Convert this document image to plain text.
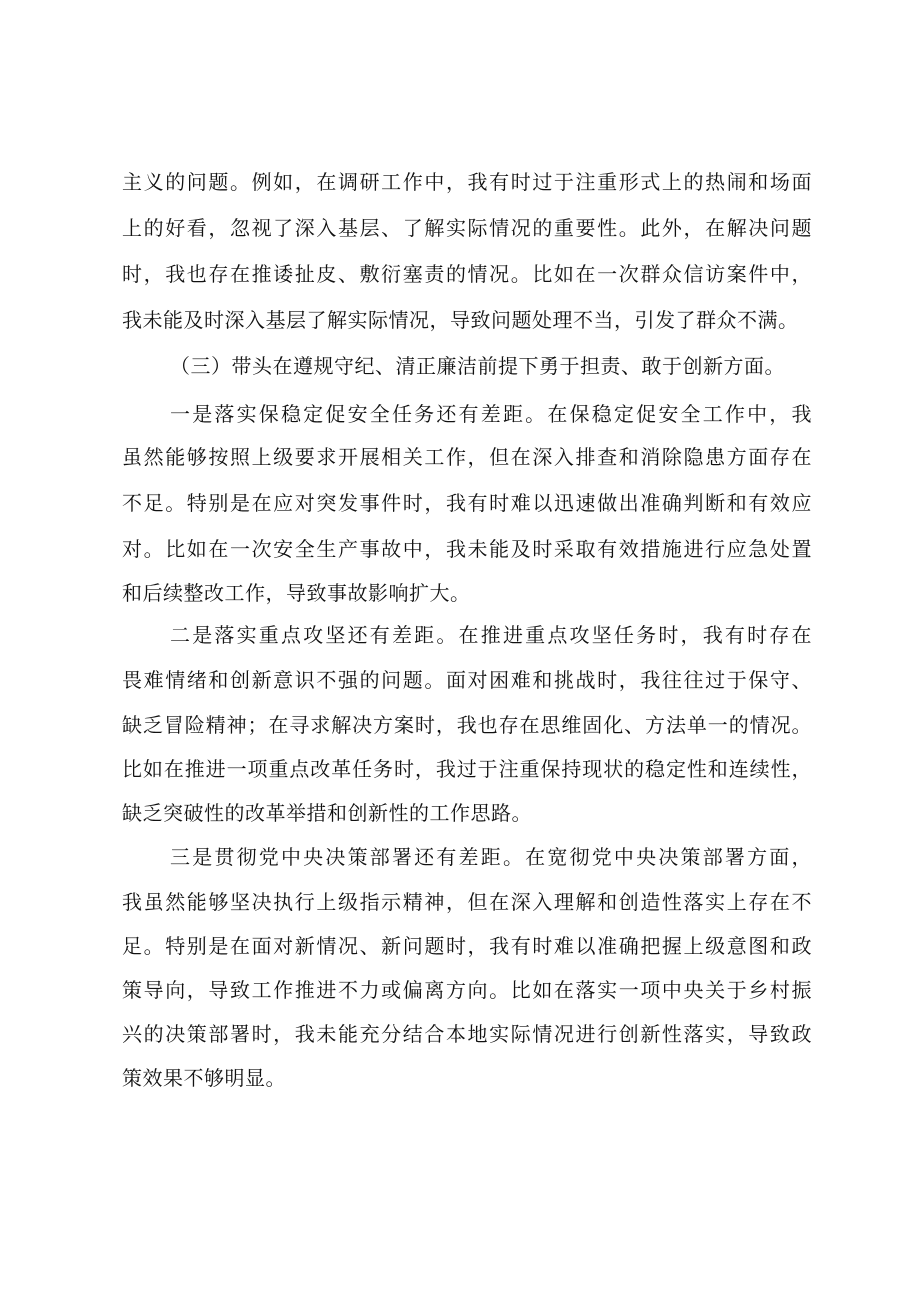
主义的问题。例如，在调研工作中，我有时过于注重形式上的热闹和场面
上的好看，忽视了深入基层、了解实际情况的重要性。此外，在解决问题
时，我也存在推诿扯皮、敷衍塞责的情况。比如在一次群众信访案件中，
我未能及时深入基层了解实际情况，导致问题处理不当，引发了群众不满。
（三）带头在遵规守纪、清正廉洁前提下勇于担责、敢于创新方面。
一是落实保稳定促安全任务还有差距。在保稳定促安全工作中，我
虽然能够按照上级要求开展相关工作，但在深入排查和消除隐患方面存在
不足。特别是在应对突发事件时，我有时难以迅速做出准确判断和有效应
对。比如在一次安全生产事故中，我未能及时采取有效措施进行应急处置
和后续整改工作，导致事故影响扩大。
二是落实重点攻坚还有差距。在推进重点攻坚任务时，我有时存在
畏难情绪和创新意识不强的问题。面对困难和挑战时，我往往过于保守、
缺乏冒险精神；在寻求解决方案时，我也存在思维固化、方法单一的情况。
比如在推进一项重点改革任务时，我过于注重保持现状的稳定性和连续性，
缺乏突破性的改革举措和创新性的工作思路。
三是贯彻党中央决策部署还有差距。在宽彻党中央决策部署方面，
我虽然能够坚决执行上级指示精神，但在深入理解和创造性落实上存在不
足。特别是在面对新情况、新问题时，我有时难以准确把握上级意图和政
策导向，导致工作推进不力或偏离方向。比如在落实一项中央关于乡村振
兴的决策部署时，我未能充分结合本地实际情况进行创新性落实，导致政
策效果不够明显。
